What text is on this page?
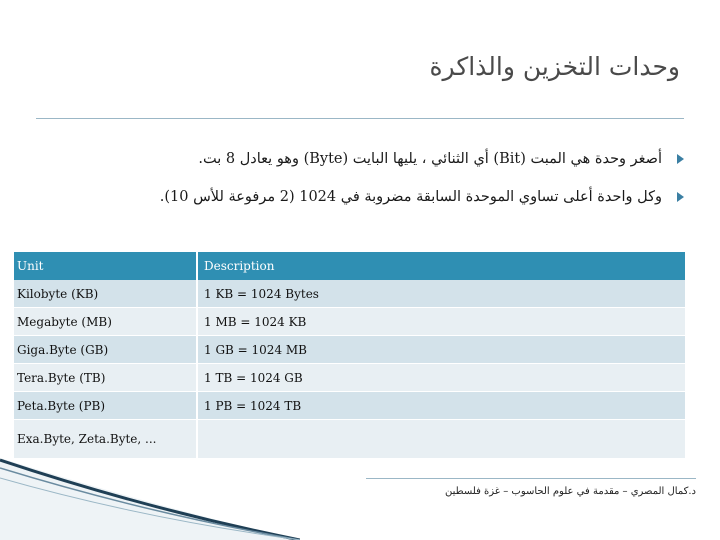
وحدات التخزين والذاكرة
أصغر وحدة هي المبت (Bit) أي الثنائي ، يليها البايت (Byte) وهو يعادل 8 بت.
وكل واحدة أعلى تساوي الموحدة السابقة مضروبة في 1024 (2 مرفوعة للأس 10).
Unit	Description
Kilobyte (KB)	1 KB = 1024 Bytes
Megabyte (MB)	1 MB = 1024 KB
Giga.Byte (GB)	1 GB = 1024 MB
Tera.Byte (TB)	1 TB = 1024 GB
Peta.Byte (PB)	1 PB = 1024 TB
Exa.Byte, Zeta.Byte, ...	
د.كمال المصري – مقدمة في علوم الحاسوب – غزة فلسطين
